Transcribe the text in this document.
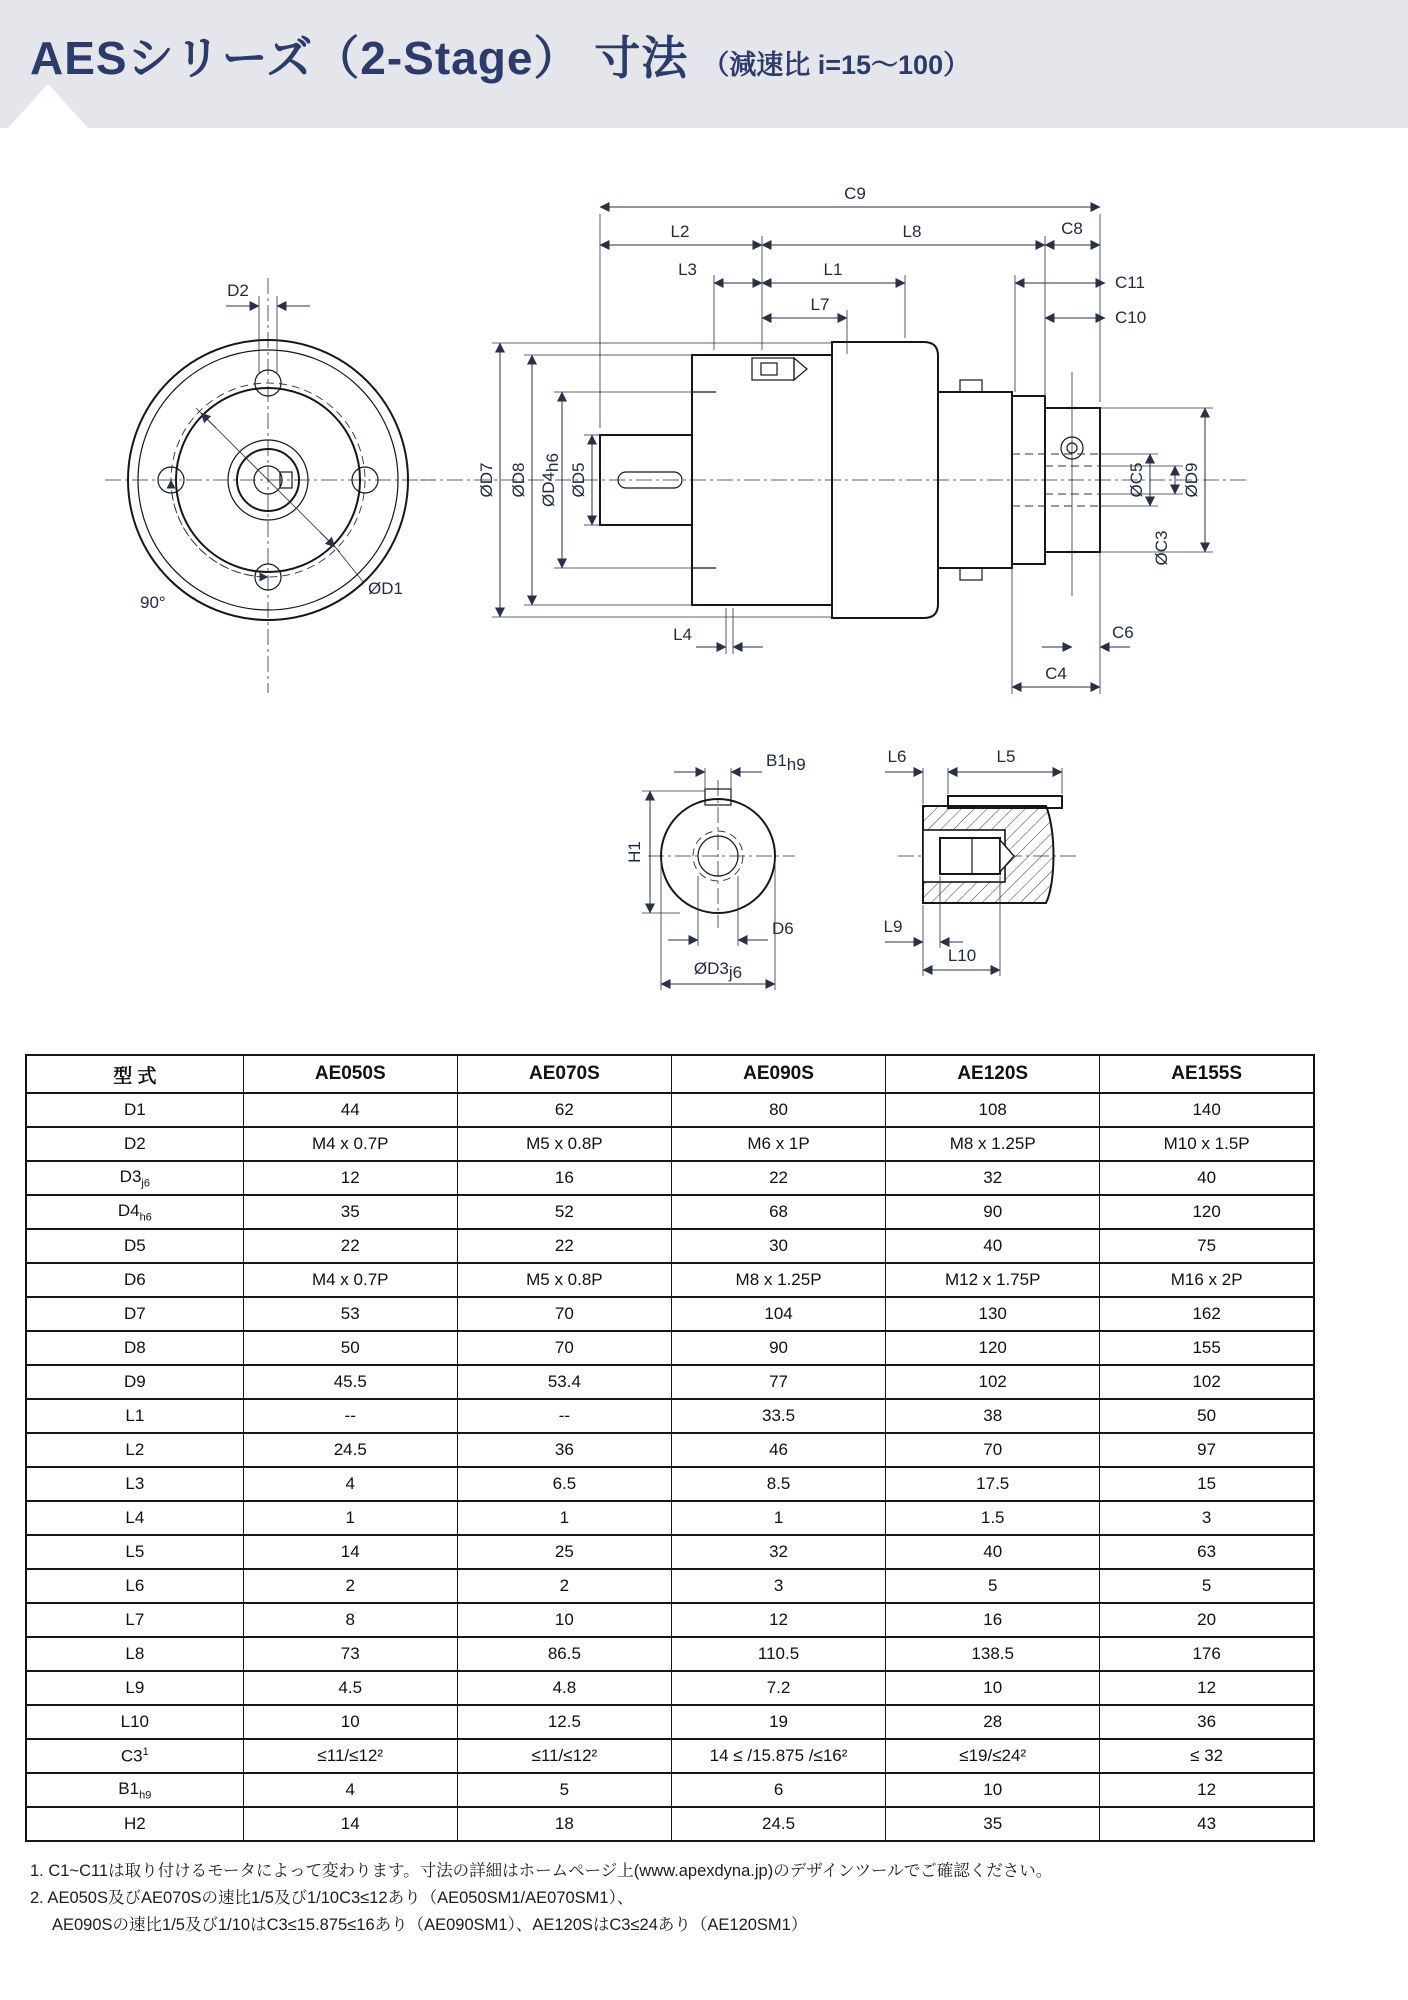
AESシリーズ（2-Stage） 寸法 （減速比 i=15～100）
D2
ØD1
90°
C9
L2	L8	C8
L3	L1
C11
L7
C10
ØD7 ØD8 ØD4h6 ØD5	ØC5
ØC3
ØD9
L4	C6
C4
B1h9
H1
D6
ØD3j6
L6	L5
L9
L10
型 式	AE050S	AE070S	AE090S	AE120S	AE155S
D1	44	62	80	108	140
D2	M4 x 0.7P	M5 x 0.8P	M6 x 1P	M8 x 1.25P	M10 x 1.5P
$D3_{j6}$	12	16	22	32	40
$D4_{h6}$	35	52	68	90	120
D5	22	22	30	40	75
D6	M4 x 0.7P	M5 x 0.8P	M8 x 1.25P	M12 x 1.75P	M16 x 2P
D7	53	70	104	130	162
D8	50	70	90	120	155
D9	45.5	53.4	77	102	102
L1	--	--	33.5	38	50
L2	24.5	36	46	70	97
L3	4	6.5	8.5	17.5	15
L4	1	1	1	1.5	3
L5	14	25	32	40	63
L6	2	2	3	5	5
L7	8	10	12	16	20
L8	73	86.5	110.5	138.5	176
L9	4.5	4.8	7.2	10	12
L10	10	12.5	19	28	36
$C3^1$	≤11/≤12²	≤11/≤12²	14 ≤ /15.875 /≤16²	≤19/≤24²	≤ 32
$B1_{h9}$	4	5	6	10	12
H2	14	18	24.5	35	43
1. C1~C11は取り付けるモータによって変わります。寸法の詳細はホームページ上(www.apexdyna.jp)のデザインツールでご確認ください。
2. AE050S及びAE070Sの速比1/5及び1/10C3≤12あり（AE050SM1/AE070SM1）、
AE090Sの速比1/5及び1/10はC3≤15.875≤16あり（AE090SM1）、AE120SはC3≤24あり（AE120SM1）
